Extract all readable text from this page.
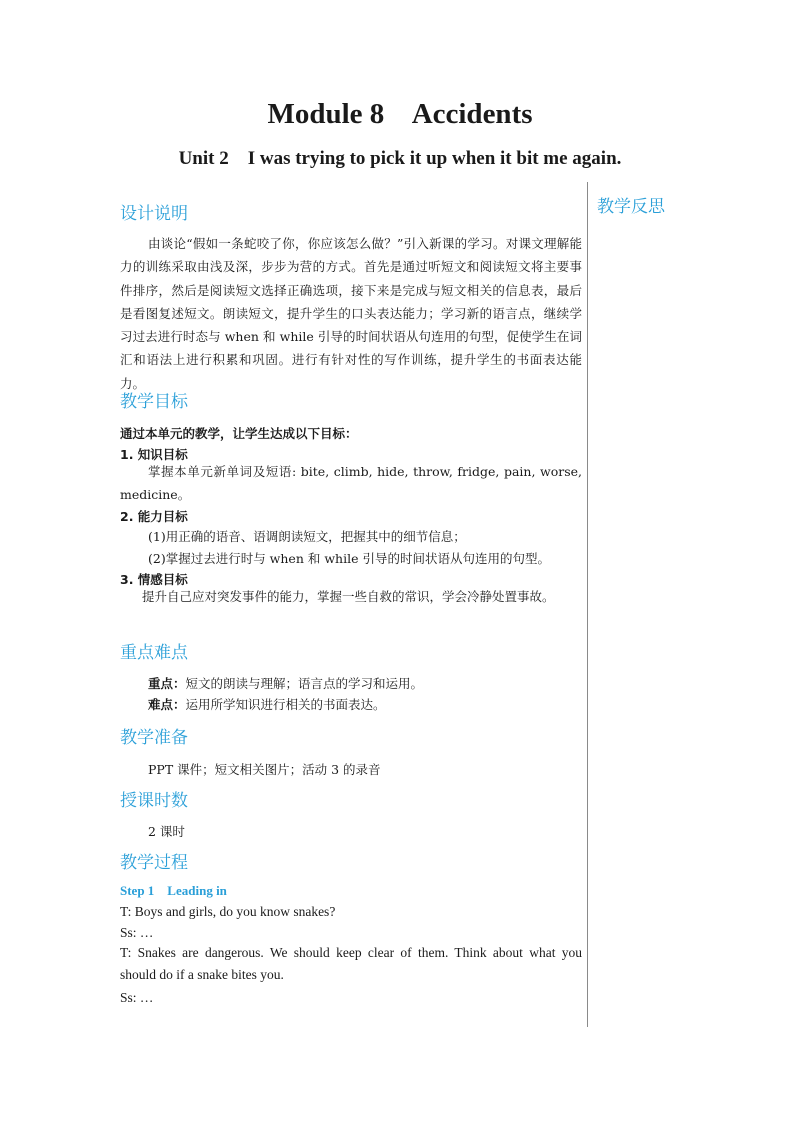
Module 8    Accidents
Unit 2    I was trying to pick it up when it bit me again.
教学反思
设计说明

由谈论“假如一条蛇咬了你，你应该怎么做？”引入新课的学习。对课文理解能力的训练采取由浅及深，步步为营的方式。首先是通过听短文和阅读短文将主要事件排序，然后是阅读短文选择正确选项，接下来是完成与短文相关的信息表，最后是看图复述短文。朗读短文，提升学生的口头表达能力；学习新的语言点，继续学习过去进行时态与 when 和 while 引导的时间状语从句连用的句型，促使学生在词汇和语法上进行积累和巩固。进行有针对性的写作训练，提升学生的书面表达能力。

教学目标

通过本单元的教学，让学生达成以下目标：

1. 知识目标

掌握本单元新单词及短语: bite, climb, hide, throw, fridge, pain, worse, medicine。

2. 能力目标

(1)用正确的语音、语调朗读短文，把握其中的细节信息；

(2)掌握过去进行时与 when 和 while 引导的时间状语从句连用的句型。

3. 情感目标

提升自己应对突发事件的能力，掌握一些自救的常识，学会冷静处置事故。

重点难点

重点：短文的朗读与理解；语言点的学习和运用。

难点：运用所学知识进行相关的书面表达。

教学准备

PPT 课件；短文相关图片；活动 3 的录音

授课时数

2 课时

教学过程

Step 1    Leading in

T: Boys and girls, do you know snakes?

Ss: …

T: Snakes are dangerous. We should keep clear of them. Think about what you should do if a snake bites you.

Ss: …
